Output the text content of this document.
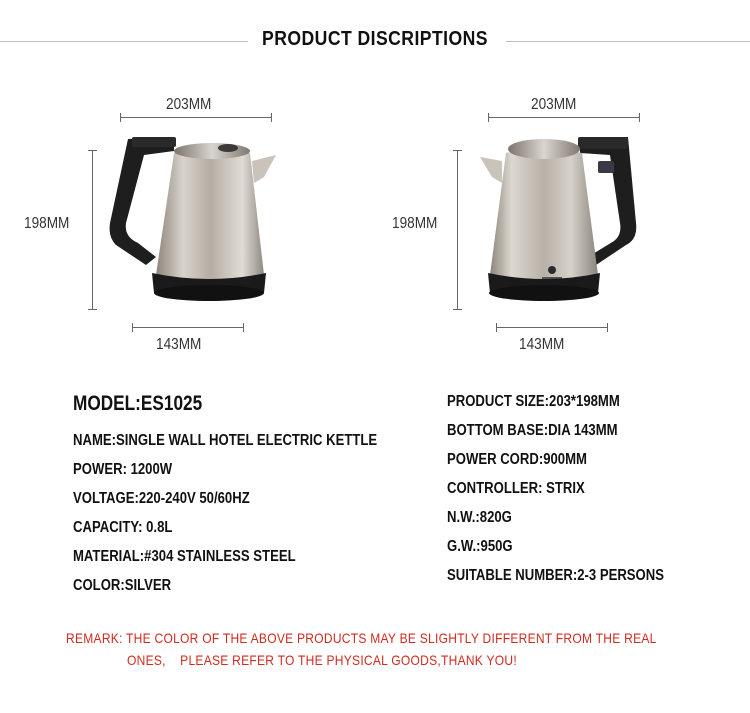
PRODUCT DISCRIPTIONS
203MM
198MM
143MM
203MM
198MM
143MM
MODEL:ES1025
NAME:SINGLE WALL HOTEL ELECTRIC KETTLE
POWER: 1200W
VOLTAGE:220-240V 50/60HZ
CAPACITY: 0.8L
MATERIAL:#304 STAINLESS STEEL
COLOR:SILVER
PRODUCT SIZE:203*198MM
BOTTOM BASE:DIA 143MM
POWER CORD:900MM
CONTROLLER: STRIX
N.W.:820G
G.W.:950G
SUITABLE NUMBER:2-3 PERSONS
REMARK: THE COLOR OF THE ABOVE PRODUCTS MAY BE SLIGHTLY DIFFERENT FROM THE REAL
ONES,    PLEASE REFER TO THE PHYSICAL GOODS,THANK YOU!
